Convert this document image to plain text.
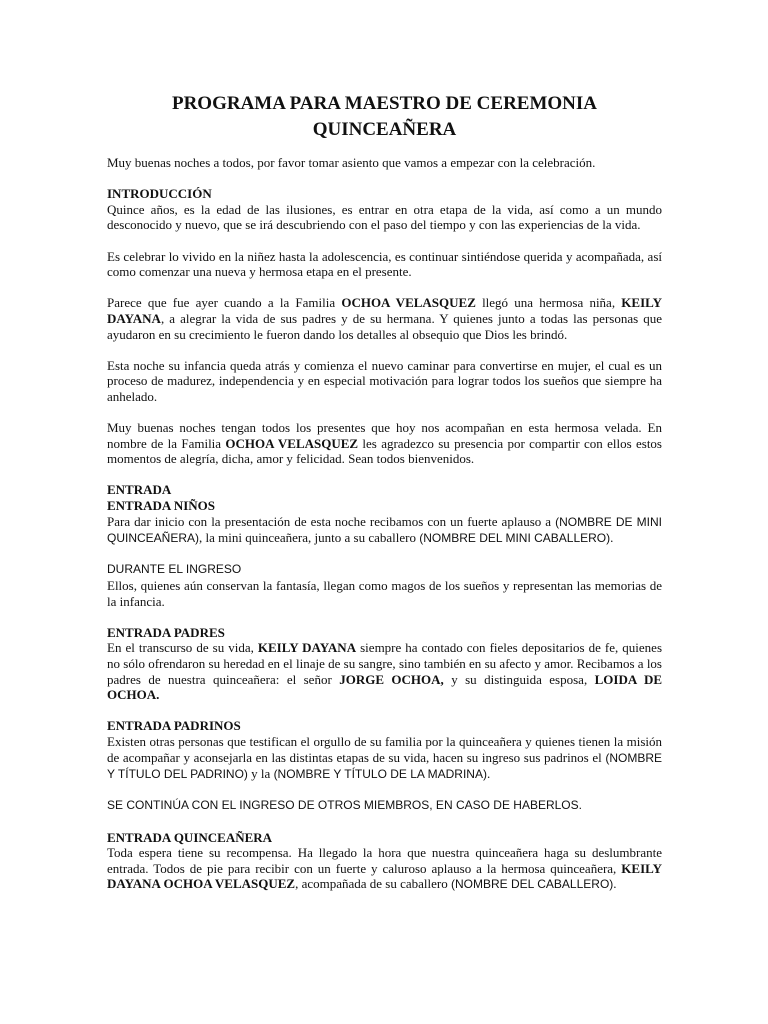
PROGRAMA PARA MAESTRO DE CEREMONIA
QUINCEAÑERA

Muy buenas noches a todos, por favor tomar asiento que vamos a empezar con la celebración.

INTRODUCCIÓN
Quince años, es la edad de las ilusiones, es entrar en otra etapa de la vida, así como a un mundo desconocido y nuevo, que se irá descubriendo con el paso del tiempo y con las experiencias de la vida.

Es celebrar lo vivido en la niñez hasta la adolescencia, es continuar sintiéndose querida y acompañada, así como comenzar una nueva y hermosa etapa en el presente.

Parece que fue ayer cuando a la Familia OCHOA VELASQUEZ llegó una hermosa niña, KEILY DAYANA, a alegrar la vida de sus padres y de su hermana. Y quienes junto a todas las personas que ayudaron en su crecimiento le fueron dando los detalles al obsequio que Dios les brindó.

Esta noche su infancia queda atrás y comienza el nuevo caminar para convertirse en mujer, el cual es un proceso de madurez, independencia y en especial motivación para lograr todos los sueños que siempre ha anhelado.

Muy buenas noches tengan todos los presentes que hoy nos acompañan en esta hermosa velada. En nombre de la Familia OCHOA VELASQUEZ les agradezco su presencia por compartir con ellos estos momentos de alegría, dicha, amor y felicidad. Sean todos bienvenidos.

ENTRADA
ENTRADA NIÑOS
Para dar inicio con la presentación de esta noche recibamos con un fuerte aplauso a (NOMBRE DE MINI QUINCEAÑERA), la mini quinceañera, junto a su caballero (NOMBRE DEL MINI CABALLERO).
DURANTE EL INGRESO
Ellos, quienes aún conservan la fantasía, llegan como magos de los sueños y representan las memorias de la infancia.
ENTRADA PADRES
En el transcurso de su vida, KEILY DAYANA siempre ha contado con fieles depositarios de fe, quienes no sólo ofrendaron su heredad en el linaje de su sangre, sino también en su afecto y amor. Recibamos a los padres de nuestra quinceañera: el señor JORGE OCHOA, y su distinguida esposa, LOIDA DE OCHOA.
ENTRADA PADRINOS
Existen otras personas que testifican el orgullo de su familia por la quinceañera y quienes tienen la misión de acompañar y aconsejarla en las distintas etapas de su vida, hacen su ingreso sus padrinos el (NOMBRE Y TÍTULO DEL PADRINO) y la (NOMBRE Y TÍTULO DE LA MADRINA).

SE CONTINÚA CON EL INGRESO DE OTROS MIEMBROS, EN CASO DE HABERLOS.

ENTRADA QUINCEAÑERA
Toda espera tiene su recompensa. Ha llegado la hora que nuestra quinceañera haga su deslumbrante entrada. Todos de pie para recibir con un fuerte y caluroso aplauso a la hermosa quinceañera, KEILY DAYANA OCHOA VELASQUEZ, acompañada de su caballero (NOMBRE DEL CABALLERO).
